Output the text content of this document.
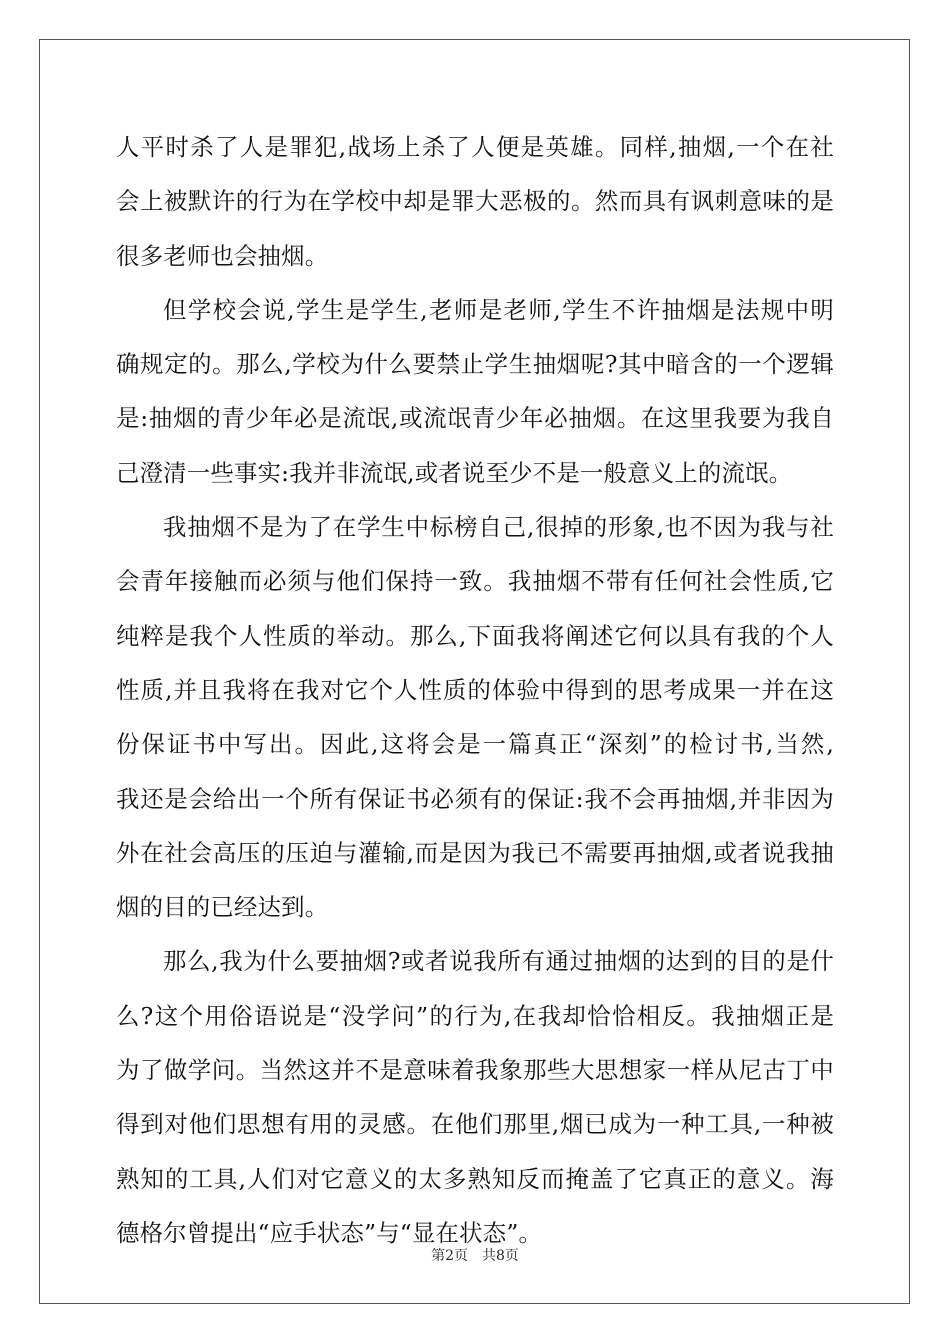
人平时杀了人是罪犯,战场上杀了人便是英雄。同样,抽烟,一个在社
会上被默许的行为在学校中却是罪大恶极的。然而具有讽刺意味的是
很多老师也会抽烟。
但学校会说,学生是学生,老师是老师,学生不许抽烟是法规中明
确规定的。那么,学校为什么要禁止学生抽烟呢?其中暗含的一个逻辑
是:抽烟的青少年必是流氓,或流氓青少年必抽烟。在这里我要为我自
己澄清一些事实:我并非流氓,或者说至少不是一般意义上的流氓。
我抽烟不是为了在学生中标榜自己,很掉的形象,也不因为我与社
会青年接触而必须与他们保持一致。我抽烟不带有任何社会性质,它
纯粹是我个人性质的举动。那么,下面我将阐述它何以具有我的个人
性质,并且我将在我对它个人性质的体验中得到的思考成果一并在这
份保证书中写出。因此,这将会是一篇真正“深刻”的检讨书,当然,
我还是会给出一个所有保证书必须有的保证:我不会再抽烟,并非因为
外在社会高压的压迫与灌输,而是因为我已不需要再抽烟,或者说我抽
烟的目的已经达到。
那么,我为什么要抽烟?或者说我所有通过抽烟的达到的目的是什
么?这个用俗语说是“没学问”的行为,在我却恰恰相反。我抽烟正是
为了做学问。当然这并不是意味着我象那些大思想家一样从尼古丁中
得到对他们思想有用的灵感。在他们那里,烟已成为一种工具,一种被
熟知的工具,人们对它意义的太多熟知反而掩盖了它真正的意义。海
德格尔曾提出“应手状态”与“显在状态”。
第2页 共8页
